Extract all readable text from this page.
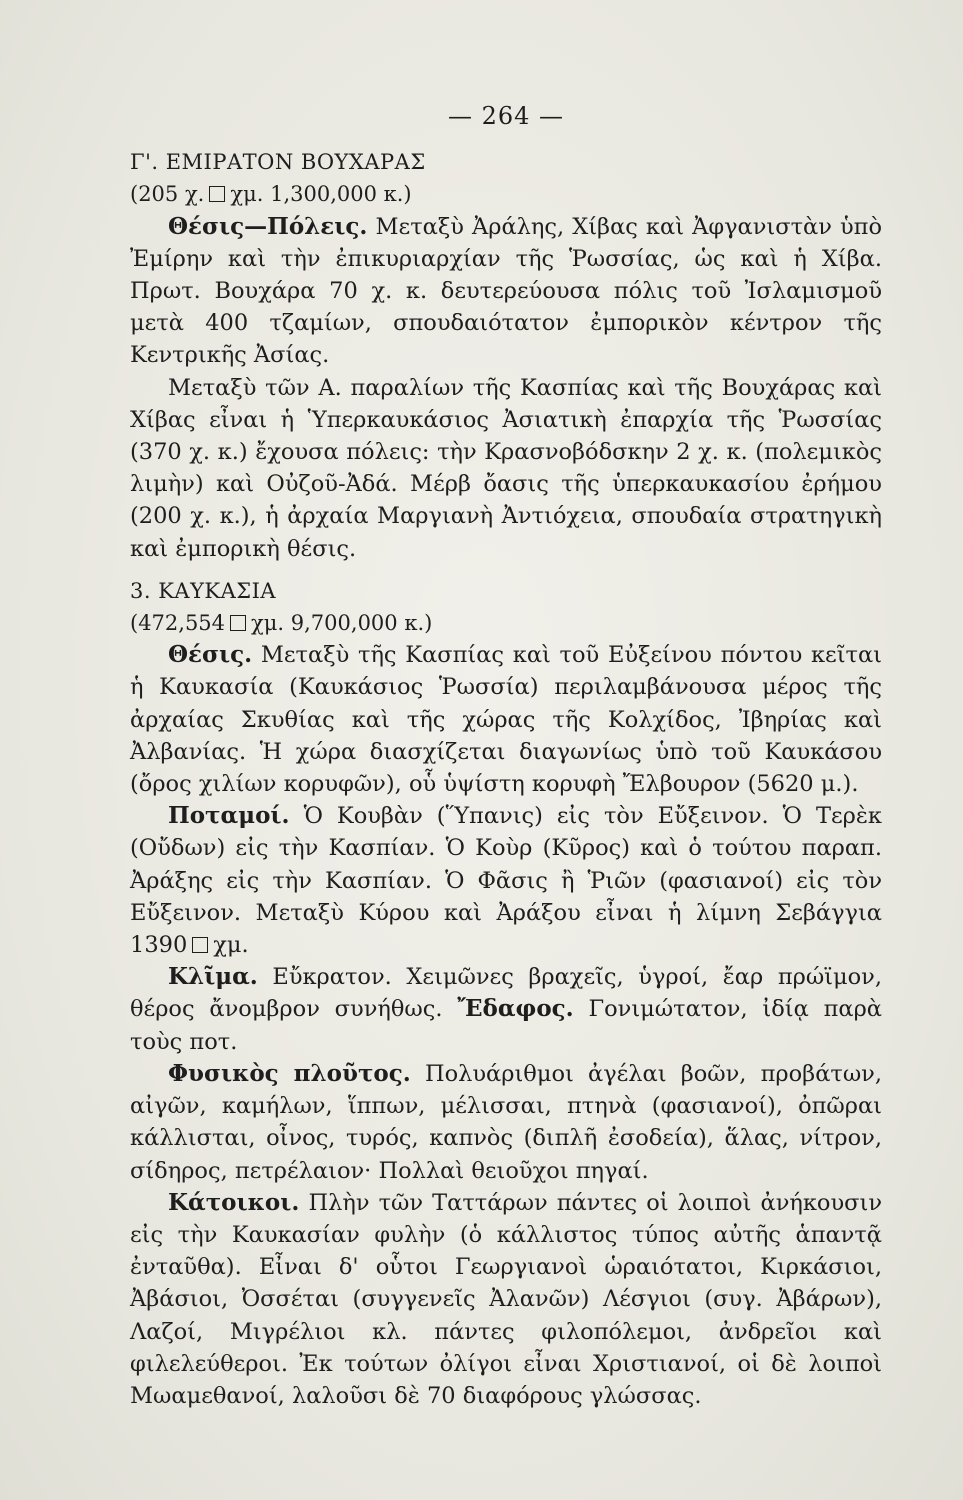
— 264 —

Γ'. ΕΜΙΡΑΤΟΝ ΒΟΥΧΑΡΑΣ

(205 χ. χμ. 1,300,000 κ.)

Θέσις—Πόλεις. Μεταξὺ Ἀράλης, Χίβας καὶ Ἀφγανιστὰν ὑπὸ Ἐμίρην καὶ τὴν ἐπικυριαρχίαν τῆς Ῥωσσίας, ὡς καὶ ἡ Χίβα. Πρωτ. Βουχάρα 70 χ. κ. δευτερεύουσα πόλις τοῦ Ἰσλαμισμοῦ μετὰ 400 τζαμίων, σπουδαιότατον ἐμπορικὸν κέντρον τῆς Κεντρικῆς Ἀσίας.

Μεταξὺ τῶν Α. παραλίων τῆς Κασπίας καὶ τῆς Βουχάρας καὶ Χίβας εἶναι ἡ Ὑπερκαυκάσιος Ἀσιατικὴ ἐπαρχία τῆς Ῥωσσίας (370 χ. κ.) ἔχουσα πόλεις: τὴν Κρασνοβόδσκην 2 χ. κ. (πολεμικὸς λιμὴν) καὶ Οὐζοῦ-Ἀδά. Μέρβ ὄασις τῆς ὑπερκαυκασίου ἐρήμου (200 χ. κ.), ἡ ἀρχαία Μαργιανὴ Ἀντιόχεια, σπουδαία στρατηγικὴ καὶ ἐμπορικὴ θέσις.

3. ΚΑΥΚΑΣΙΑ

(472,554 χμ. 9,700,000 κ.)

Θέσις. Μεταξὺ τῆς Κασπίας καὶ τοῦ Εὐξείνου πόντου κεῖται ἡ Καυκασία (Καυκάσιος Ῥωσσία) περιλαμβάνουσα μέρος τῆς ἀρχαίας Σκυθίας καὶ τῆς χώρας τῆς Κολχίδος, Ἰβηρίας καὶ Ἀλβανίας. Ἡ χώρα διασχίζεται διαγωνίως ὑπὸ τοῦ Καυκάσου (ὄρος χιλίων κορυφῶν), οὗ ὑψίστη κορυφὴ Ἔλβουρον (5620 μ.).

Ποταμοί. Ὁ Κουβὰν (Ὕπανις) εἰς τὸν Εὔξεινον. Ὁ Τερὲκ (Οὔδων) εἰς τὴν Κασπίαν. Ὁ Κοὺρ (Κῦρος) καὶ ὁ τούτου παραπ. Ἀράξης εἰς τὴν Κασπίαν. Ὁ Φᾶσις ἢ Ῥιῶν (φασιανοί) εἰς τὸν Εὔξεινον. Μεταξὺ Κύρου καὶ Ἀράξου εἶναι ἡ λίμνη Σεβάγγια 1390 χμ.

Κλῖμα. Εὔκρατον. Χειμῶνες βραχεῖς, ὑγροί, ἔαρ πρώϊμον, θέρος ἄνομβρον συνήθως. Ἔδαφος. Γονιμώτατον, ἰδίᾳ παρὰ τοὺς ποτ.

Φυσικὸς πλοῦτος. Πολυάριθμοι ἀγέλαι βοῶν, προβάτων, αἰγῶν, καμήλων, ἵππων, μέλισσαι, πτηνὰ (φασιανοί), ὀπῶραι κάλλισται, οἶνος, τυρός, καπνὸς (διπλῆ ἐσοδεία), ἅλας, νίτρον, σίδηρος, πετρέλαιον· Πολλαὶ θειοῦχοι πηγαί.

Κάτοικοι. Πλὴν τῶν Ταττάρων πάντες οἱ λοιποὶ ἀνήκουσιν εἰς τὴν Καυκασίαν φυλὴν (ὁ κάλλιστος τύπος αὐτῆς ἁπαντᾷ ἐνταῦθα). Εἶναι δ' οὗτοι Γεωργιανοὶ ὡραιότατοι, Κιρκάσιοι, Ἀβάσιοι, Ὀσσέται (συγγενεῖς Ἀλανῶν) Λέσγιοι (συγ. Ἀβάρων), Λαζοί, Μιγρέλιοι κλ. πάντες φιλοπόλεμοι, ἀνδρεῖοι καὶ φιλελεύθεροι. Ἐκ τούτων ὀλίγοι εἶναι Χριστιανοί, οἱ δὲ λοιποὶ Μωαμεθανοί, λαλοῦσι δὲ 70 διαφόρους γλώσσας.
